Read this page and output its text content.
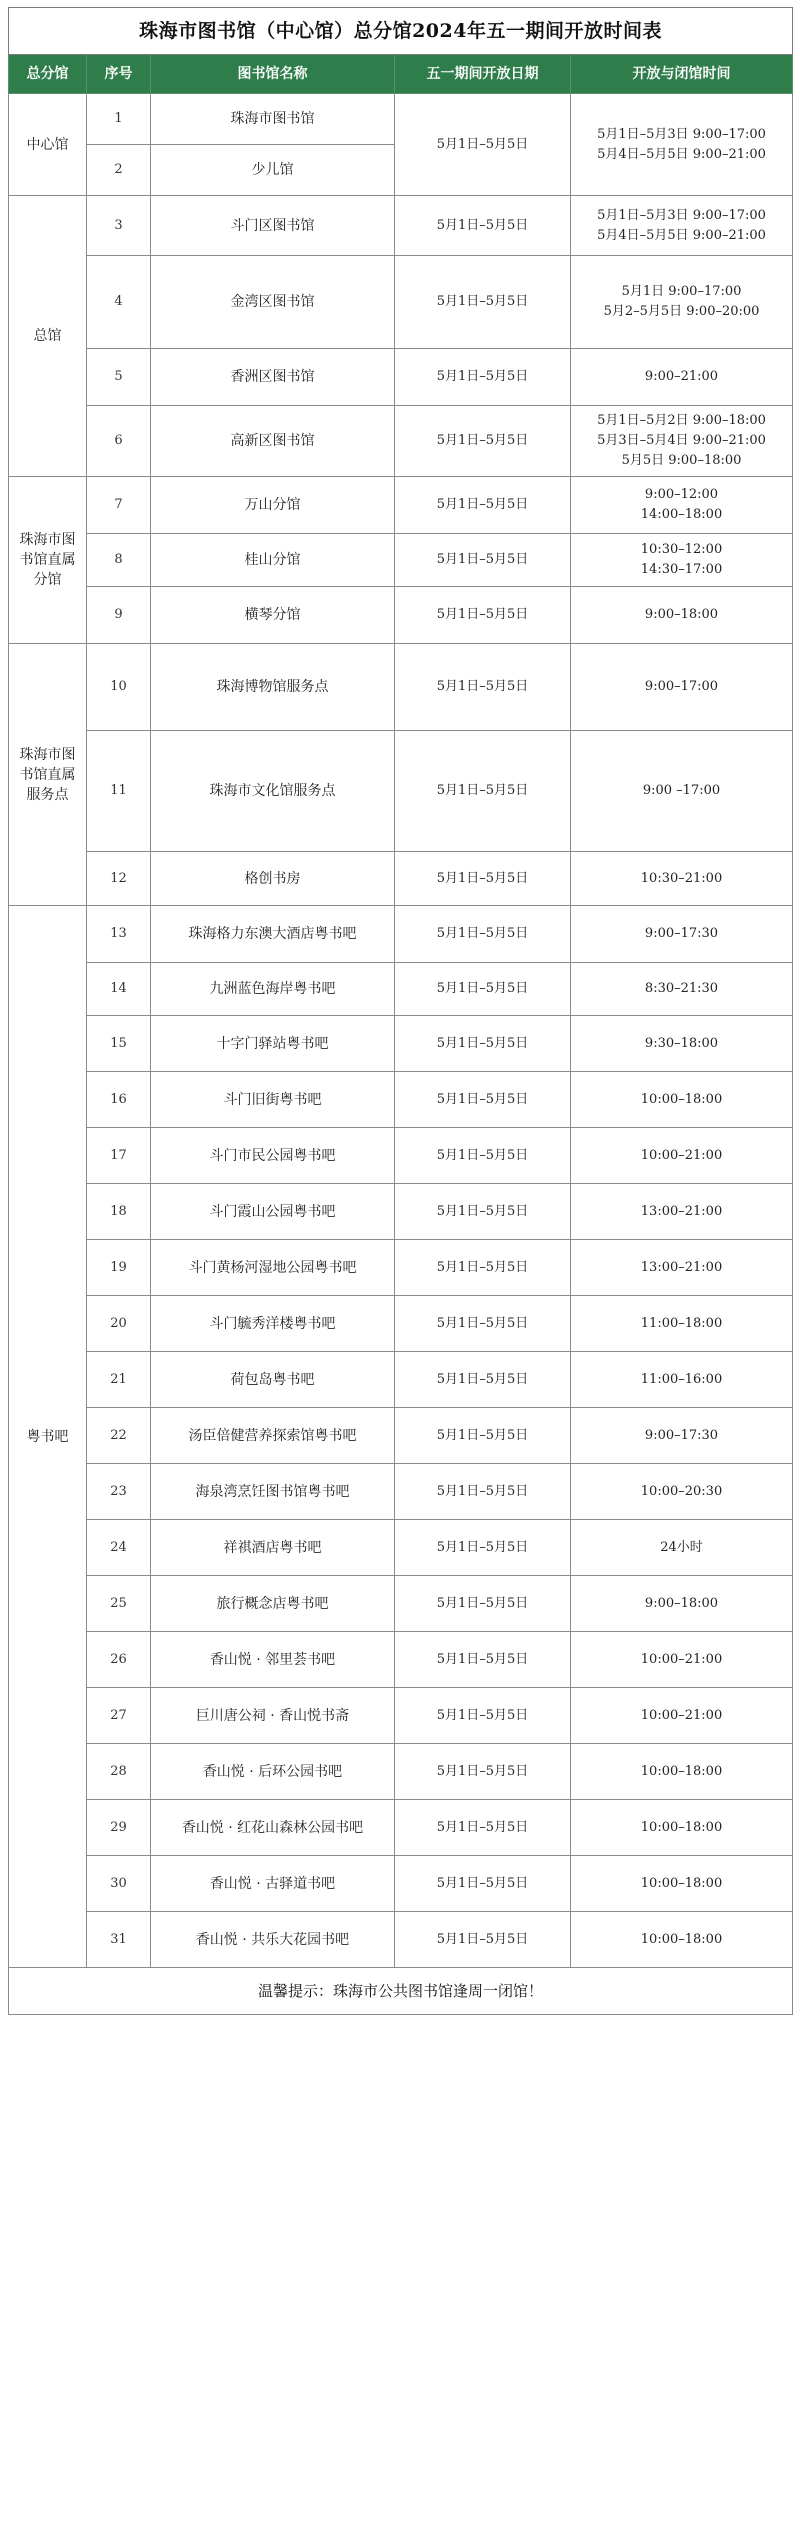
珠海市图书馆（中心馆）总分馆2024年五一期间开放时间表				
总分馆	序号	图书馆名称	五一期间开放日期	开放与闭馆时间
中心馆	1	珠海市图书馆	5月1日–5月5日	5月1日–5月3日 9:00–17:00
5月4日–5月5日 9:00–21:00
	2	少儿馆		
总馆	3	斗门区图书馆	5月1日–5月5日	5月1日–5月3日 9:00–17:00
5月4日–5月5日 9:00–21:00
	4	金湾区图书馆	5月1日–5月5日	5月1日 9:00–17:00
5月2–5月5日 9:00–20:00
	5	香洲区图书馆	5月1日–5月5日	9:00–21:00
	6	高新区图书馆	5月1日–5月5日	5月1日–5月2日 9:00–18:00
5月3日–5月4日 9:00–21:00
5月5日 9:00–18:00
珠海市图书馆直属分馆	7	万山分馆	5月1日–5月5日	9:00–12:00
14:00–18:00
	8	桂山分馆	5月1日–5月5日	10:30–12:00
14:30–17:00
	9	横琴分馆	5月1日–5月5日	9:00–18:00
珠海市图书馆直属服务点	10	珠海博物馆服务点	5月1日–5月5日	9:00–17:00
	11	珠海市文化馆服务点	5月1日–5月5日	9:00 –17:00
	12	格创书房	5月1日–5月5日	10:30–21:00
粤书吧	13	珠海格力东澳大酒店粤书吧	5月1日–5月5日	9:00–17:30
	14	九洲蓝色海岸粤书吧	5月1日–5月5日	8:30–21:30
	15	十字门驿站粤书吧	5月1日–5月5日	9:30–18:00
	16	斗门旧街粤书吧	5月1日–5月5日	10:00–18:00
	17	斗门市民公园粤书吧	5月1日–5月5日	10:00–21:00
	18	斗门霞山公园粤书吧	5月1日–5月5日	13:00–21:00
	19	斗门黄杨河湿地公园粤书吧	5月1日–5月5日	13:00–21:00
	20	斗门毓秀洋楼粤书吧	5月1日–5月5日	11:00–18:00
	21	荷包岛粤书吧	5月1日–5月5日	11:00–16:00
	22	汤臣倍健营养探索馆粤书吧	5月1日–5月5日	9:00–17:30
	23	海泉湾烹饪图书馆粤书吧	5月1日–5月5日	10:00–20:30
	24	祥祺酒店粤书吧	5月1日–5月5日	24小时
	25	旅行概念店粤书吧	5月1日–5月5日	9:00–18:00
	26	香山悦 · 邻里荟书吧	5月1日–5月5日	10:00–21:00
	27	巨川唐公祠 · 香山悦书斋	5月1日–5月5日	10:00–21:00
	28	香山悦 · 后环公园书吧	5月1日–5月5日	10:00–18:00
	29	香山悦 · 红花山森林公园书吧	5月1日–5月5日	10:00–18:00
	30	香山悦 · 古驿道书吧	5月1日–5月5日	10:00–18:00
	31	香山悦 · 共乐大花园书吧	5月1日–5月5日	10:00–18:00
温馨提示：珠海市公共图书馆逢周一闭馆！				
